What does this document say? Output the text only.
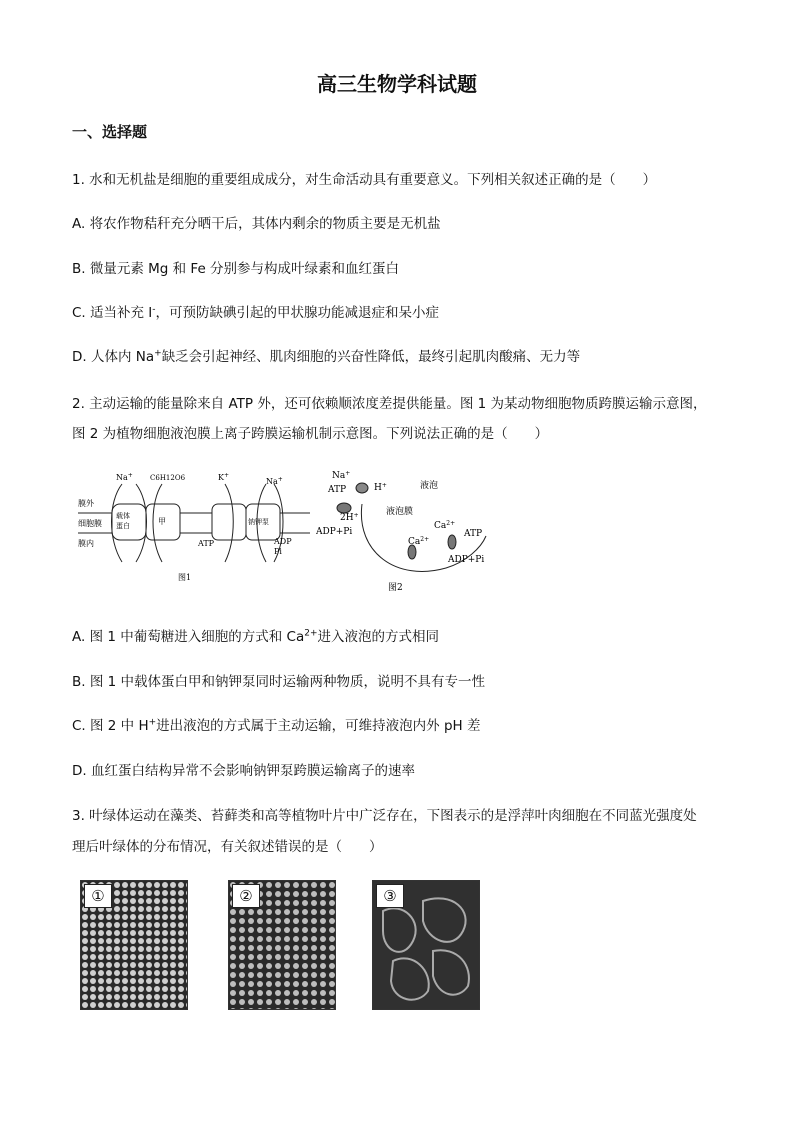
高三生物学科试题
一、选择题
1. 水和无机盐是细胞的重要组成成分，对生命活动具有重要意义。下列相关叙述正确的是（　　）
A. 将农作物秸秆充分晒干后，其体内剩余的物质主要是无机盐
B. 微量元素 Mg 和 Fe 分别参与构成叶绿素和血红蛋白
C. 适当补充 I-，可预防缺碘引起的甲状腺功能减退症和呆小症
D. 人体内 Na+缺乏会引起神经、肌肉细胞的兴奋性降低，最终引起肌肉酸痛、无力等
2. 主动运输的能量除来自 ATP 外，还可依赖顺浓度差提供能量。图 1 为某动物细胞物质跨膜运输示意图，
图 2 为植物细胞液泡膜上离子跨膜运输机制示意图。下列说法正确的是（　　）
膜外
细胞膜
膜内
载体
蛋白	甲	钠钾泵
Na+ C6H12O6	K+
Na+
ATP	ADP
Pi
图1
Na+
H+
ATP
2H+
ADP+Pi
液泡
液泡膜
$Ca^{2+}$
$Ca^{2+}$
ATP
ADP+Pi
图2
A. 图 1 中葡萄糖进入细胞的方式和 $Ca^{2+}$进入液泡的方式相同
B. 图 1 中载体蛋白甲和钠钾泵同时运输两种物质，说明不具有专一性
C. 图 2 中 H+进出液泡的方式属于主动运输，可维持液泡内外 pH 差
D. 血红蛋白结构异常不会影响钠钾泵跨膜运输离子的速率
3. 叶绿体运动在藻类、苔藓类和高等植物叶片中广泛存在，下图表示的是浮萍叶肉细胞在不同蓝光强度处
理后叶绿体的分布情况，有关叙述错误的是（　　）
①	②	③
